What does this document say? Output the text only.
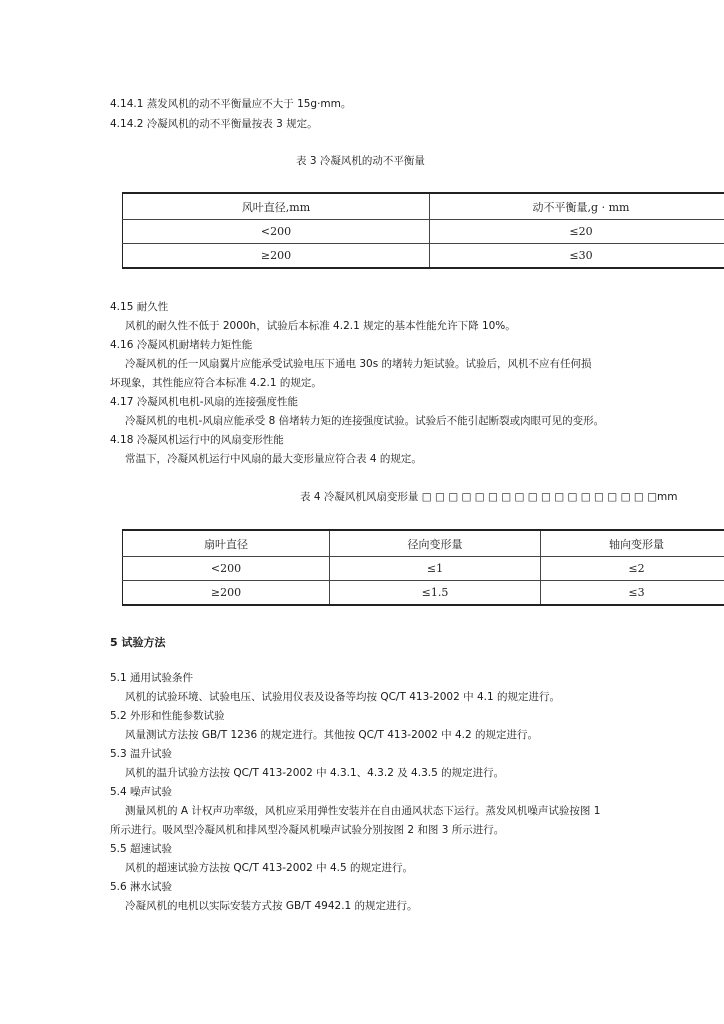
4.14.1 蒸发风机的动不平衡量应不大于 15g·mm。
4.14.2 冷凝风机的动不平衡量按表 3 规定。
表 3 冷凝风机的动不平衡量
风叶直径,mm	动不平衡量,g · mm
<200	≤20
≥200	≤30
4.15 耐久性
风机的耐久性不低于 2000h，试验后本标准 4.2.1 规定的基本性能允许下降 10%。
4.16 冷凝风机耐堵转力矩性能
冷凝风机的任一风扇翼片应能承受试验电压下通电 30s 的堵转力矩试验。试验后，风机不应有任何损
坏现象，其性能应符合本标准 4.2.1 的规定。
4.17 冷凝风机电机-风扇的连接强度性能
冷凝风机的电机-风扇应能承受 8 倍堵转力矩的连接强度试验。试验后不能引起断裂或肉眼可见的变形。
4.18 冷凝风机运行中的风扇变形性能
常温下，冷凝风机运行中风扇的最大变形量应符合表 4 的规定。
表 4 冷凝风机风扇变形量 □ □ □ □ □ □ □ □ □ □ □ □ □ □ □ □ □ □mm
扇叶直径	径向变形量	轴向变形量
<200	≤1	≤2
≥200	≤1.5	≤3
5 试验方法
5.1 通用试验条件
风机的试验环境、试验电压、试验用仪表及设备等均按 QC/T 413-2002 中 4.1 的规定进行。
5.2 外形和性能参数试验
风量测试方法按 GB/T 1236 的规定进行。其他按 QC/T 413-2002 中 4.2 的规定进行。
5.3 温升试验
风机的温升试验方法按 QC/T 413-2002 中 4.3.1、4.3.2 及 4.3.5 的规定进行。
5.4 噪声试验
测量风机的 A 计权声功率级，风机应采用弹性安装并在自由通风状态下运行。蒸发风机噪声试验按图 1
所示进行。吸风型冷凝风机和排风型冷凝风机噪声试验分别按图 2 和图 3 所示进行。
5.5 超速试验
风机的超速试验方法按 QC/T 413-2002 中 4.5 的规定进行。
5.6 淋水试验
冷凝风机的电机以实际安装方式按 GB/T 4942.1 的规定进行。
